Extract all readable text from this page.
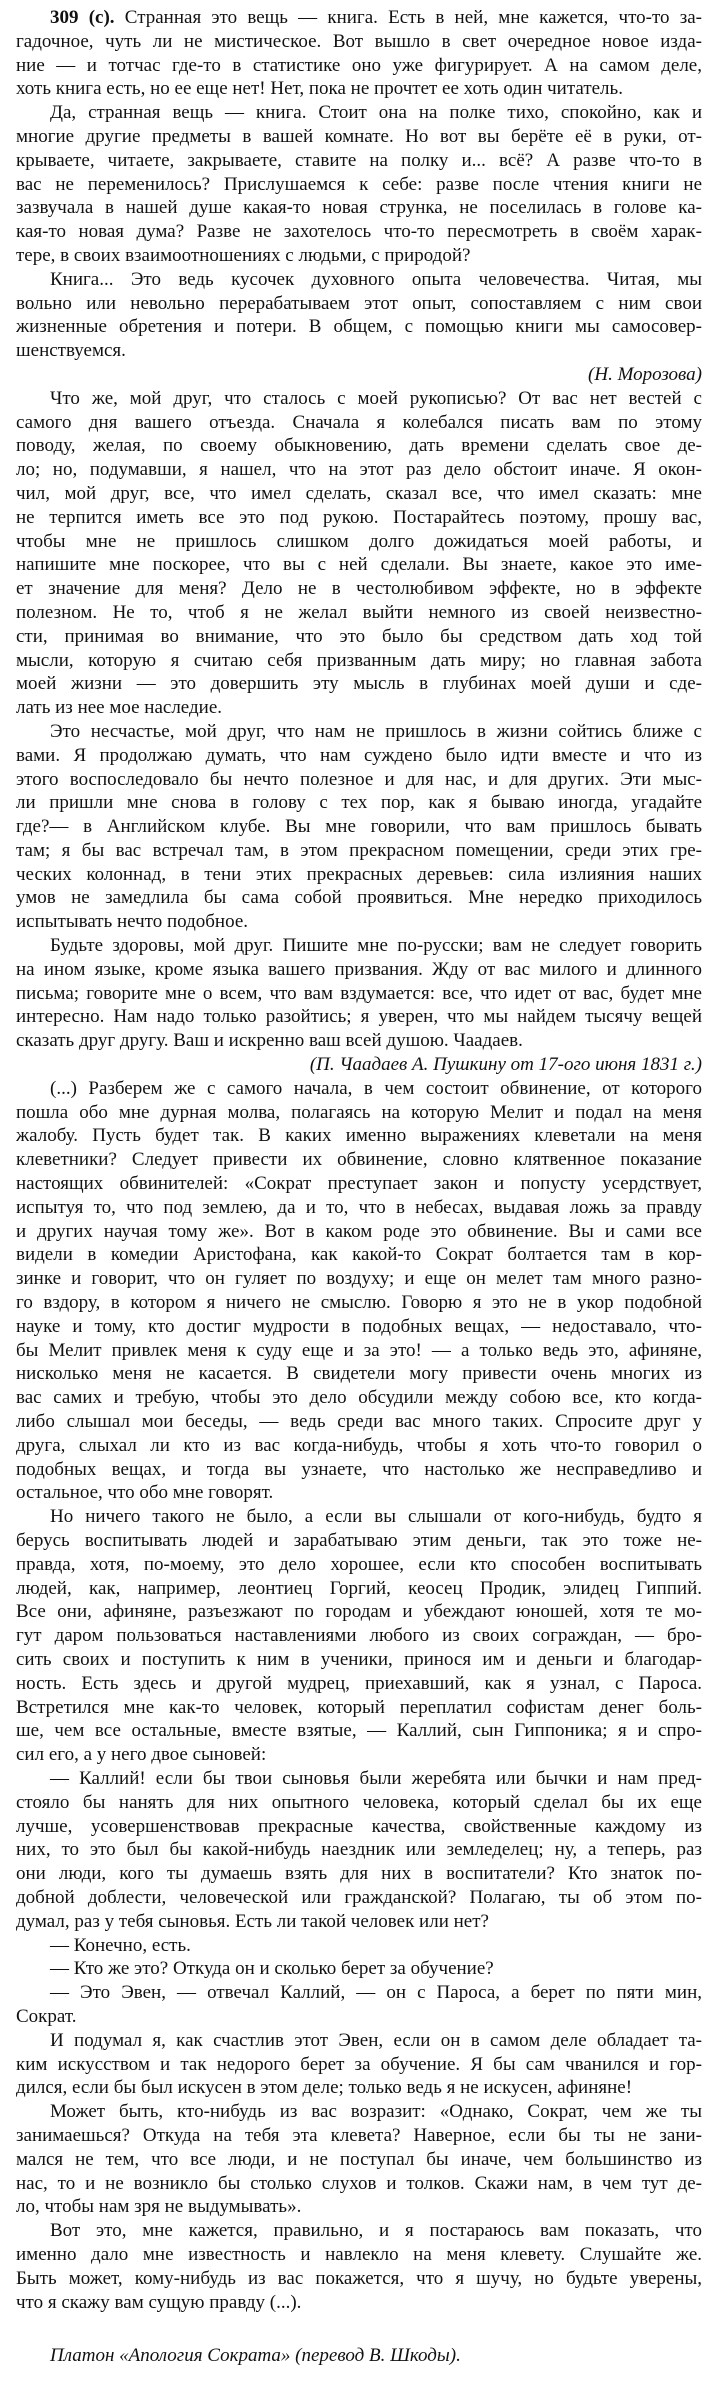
309 (с). Странная это вещь — книга. Есть в ней, мне кажется, что-то за-
гадочное, чуть ли не мистическое. Вот вышло в свет очередное новое изда-
ние — и тотчас где-то в статистике оно уже фигурирует. А на самом деле,
хоть книга есть, но ее еще нет! Нет, пока не прочтет ее хоть один читатель.
Да, странная вещь — книга. Стоит она на полке тихо, спокойно, как и
многие другие предметы в вашей комнате. Но вот вы берёте её в руки, от-
крываете, читаете, закрываете, ставите на полку и... всё? А разве что-то в
вас не переменилось? Прислушаемся к себе: разве после чтения книги не
зазвучала в нашей душе какая-то новая струнка, не поселилась в голове ка-
кая-то новая дума? Разве не захотелось что-то пересмотреть в своём харак-
тере, в своих взаимоотношениях с людьми, с природой?
Книга... Это ведь кусочек духовного опыта человечества. Читая, мы
вольно или невольно перерабатываем этот опыт, сопоставляем с ним свои
жизненные обретения и потери. В общем, с помощью книги мы самосовер-
шенствуемся.
(Н. Морозова)
Что же, мой друг, что сталось с моей рукописью? От вас нет вестей с
самого дня вашего отъезда. Сначала я колебался писать вам по этому
поводу, желая, по своему обыкновению, дать времени сделать свое де-
ло; но, подумавши, я нашел, что на этот раз дело обстоит иначе. Я окон-
чил, мой друг, все, что имел сделать, сказал все, что имел сказать: мне
не терпится иметь все это под рукою. Постарайтесь поэтому, прошу вас,
чтобы мне не пришлось слишком долго дожидаться моей работы, и
напишите мне поскорее, что вы с ней сделали. Вы знаете, какое это име-
ет значение для меня? Дело не в честолюбивом эффекте, но в эффекте
полезном. Не то, чтоб я не желал выйти немного из своей неизвестно-
сти, принимая во внимание, что это было бы средством дать ход той
мысли, которую я считаю себя призванным дать миру; но главная забота
моей жизни — это довершить эту мысль в глубинах моей души и сде-
лать из нее мое наследие.
Это несчастье, мой друг, что нам не пришлось в жизни сойтись ближе с
вами. Я продолжаю думать, что нам суждено было идти вместе и что из
этого воспоследовало бы нечто полезное и для нас, и для других. Эти мыс-
ли пришли мне снова в голову с тех пор, как я бываю иногда, угадайте
где?— в Английском клубе. Вы мне говорили, что вам пришлось бывать
там; я бы вас встречал там, в этом прекрасном помещении, среди этих гре-
ческих колоннад, в тени этих прекрасных деревьев: сила излияния наших
умов не замедлила бы сама собой проявиться. Мне нередко приходилось
испытывать нечто подобное.
Будьте здоровы, мой друг. Пишите мне по-русски; вам не следует говорить
на ином языке, кроме языка вашего призвания. Жду от вас милого и длинного
письма; говорите мне о всем, что вам вздумается: все, что идет от вас, будет мне
интересно. Нам надо только разойтись; я уверен, что мы найдем тысячу вещей
сказать друг другу. Ваш и искренно ваш всей душою. Чаадаев.
(П. Чаадаев А. Пушкину от 17-ого июня 1831 г.)
(...) Разберем же с самого начала, в чем состоит обвинение, от которого
пошла обо мне дурная молва, полагаясь на которую Мелит и подал на меня
жалобу. Пусть будет так. В каких именно выражениях клеветали на меня
клеветники? Следует привести их обвинение, словно клятвенное показание
настоящих обвинителей: «Сократ преступает закон и попусту усердствует,
испытуя то, что под землею, да и то, что в небесах, выдавая ложь за правду
и других научая тому же». Вот в каком роде это обвинение. Вы и сами все
видели в комедии Аристофана, как какой-то Сократ болтается там в кор-
зинке и говорит, что он гуляет по воздуху; и еще он мелет там много разно-
го вздору, в котором я ничего не смыслю. Говорю я это не в укор подобной
науке и тому, кто достиг мудрости в подобных вещах, — недоставало, что-
бы Мелит привлек меня к суду еще и за это! — а только ведь это, афиняне,
нисколько меня не касается. В свидетели могу привести очень многих из
вас самих и требую, чтобы это дело обсудили между собою все, кто когда-
либо слышал мои беседы, — ведь среди вас много таких. Спросите друг у
друга, слыхал ли кто из вас когда-нибудь, чтобы я хоть что-то говорил о
подобных вещах, и тогда вы узнаете, что настолько же несправедливо и
остальное, что обо мне говорят.
Но ничего такого не было, а если вы слышали от кого-нибудь, будто я
берусь воспитывать людей и зарабатываю этим деньги, так это тоже не-
правда, хотя, по-моему, это дело хорошее, если кто способен воспитывать
людей, как, например, леонтиец Горгий, кеосец Продик, элидец Гиппий.
Все они, афиняне, разъезжают по городам и убеждают юношей, хотя те мо-
гут даром пользоваться наставлениями любого из своих сограждан, — бро-
сить своих и поступить к ним в ученики, принося им и деньги и благодар-
ность. Есть здесь и другой мудрец, приехавший, как я узнал, с Пароса.
Встретился мне как-то человек, который переплатил софистам денег боль-
ше, чем все остальные, вместе взятые, — Каллий, сын Гиппоника; я и спро-
сил его, а у него двое сыновей:
— Каллий! если бы твои сыновья были жеребята или бычки и нам пред-
стояло бы нанять для них опытного человека, который сделал бы их еще
лучше, усовершенствовав прекрасные качества, свойственные каждому из
них, то это был бы какой-нибудь наездник или земледелец; ну, а теперь, раз
они люди, кого ты думаешь взять для них в воспитатели? Кто знаток по-
добной доблести, человеческой или гражданской? Полагаю, ты об этом по-
думал, раз у тебя сыновья. Есть ли такой человек или нет?
— Конечно, есть.
— Кто же это? Откуда он и сколько берет за обучение?
— Это Эвен, — отвечал Каллий, — он с Пароса, а берет по пяти мин,
Сократ.
И подумал я, как счастлив этот Эвен, если он в самом деле обладает та-
ким искусством и так недорого берет за обучение. Я бы сам чванился и гор-
дился, если бы был искусен в этом деле; только ведь я не искусен, афиняне!
Может быть, кто-нибудь из вас возразит: «Однако, Сократ, чем же ты
занимаешься? Откуда на тебя эта клевета? Наверное, если бы ты не зани-
мался не тем, что все люди, и не поступал бы иначе, чем большинство из
нас, то и не возникло бы столько слухов и толков. Скажи нам, в чем тут де-
ло, чтобы нам зря не выдумывать».
Вот это, мне кажется, правильно, и я постараюсь вам показать, что
именно дало мне известность и навлекло на меня клевету. Слушайте же.
Быть может, кому-нибудь из вас покажется, что я шучу, но будьте уверены,
что я скажу вам сущую правду (...).
Платон «Апология Сократа» (перевод В. Шкоды).
